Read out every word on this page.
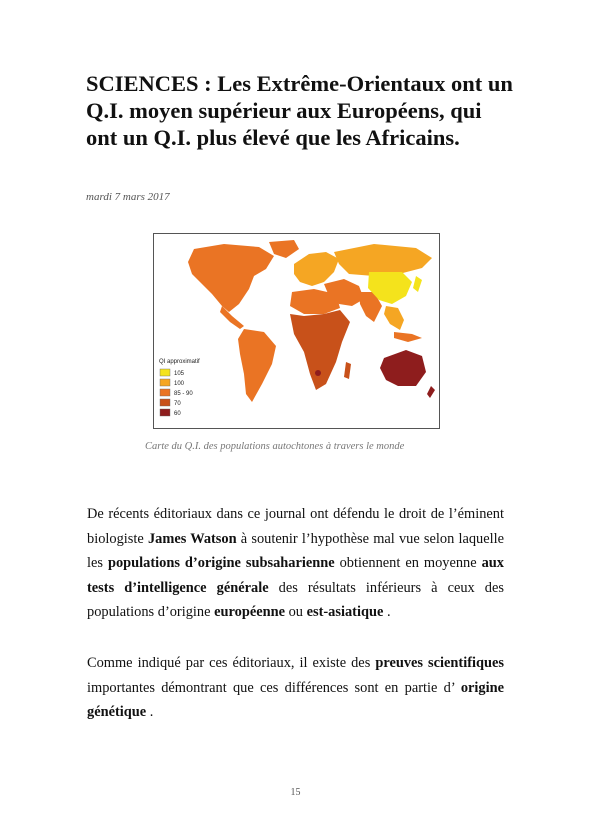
SCIENCES : Les Extrême-Orientaux ont un Q.I. moyen supérieur aux Européens, qui ont un Q.I. plus élevé que les Africains.
mardi 7 mars 2017
QI approximatif
105
100
85 - 90
70
60
Carte du Q.I. des populations autochtones à travers le monde

De récents éditoriaux dans ce journal ont défendu le droit de l’éminent biologiste James Watson à soutenir l’hypothèse mal vue selon laquelle les populations d’origine subsaharienne obtiennent en moyenne aux tests d’intelligence générale des résultats inférieurs à ceux des populations d’origine européenne ou est-asiatique .

Comme indiqué par ces éditoriaux, il existe des preuves scientifiques importantes démontrant que ces différences sont en partie d’ origine génétique .

15
